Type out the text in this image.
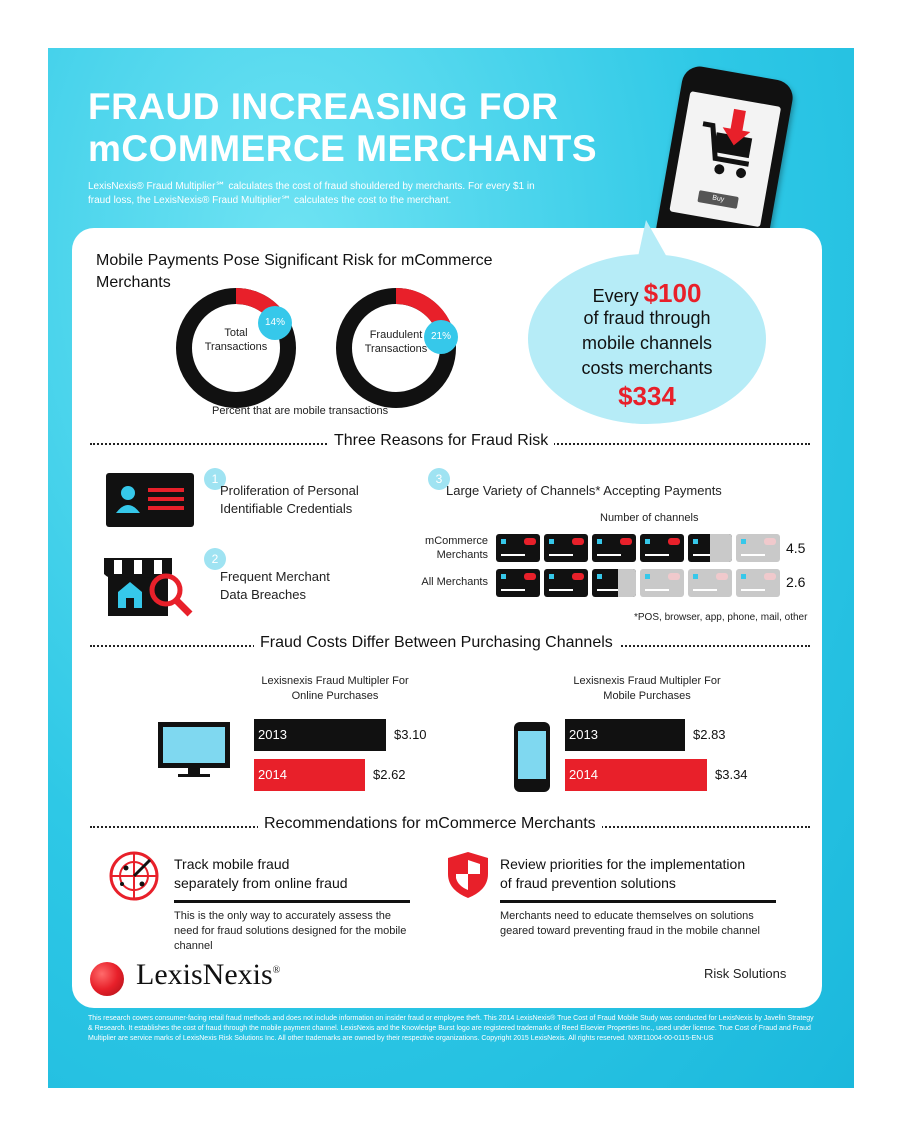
FRAUD INCREASING FOR
mCOMMERCE MERCHANTS
LexisNexis® Fraud Multiplier℠ calculates the cost of fraud shouldered by merchants. For every $1 in fraud loss, the LexisNexis® Fraud Multiplier℠ calculates the cost to the merchant.	Buy
Mobile Payments Pose Significant Risk for mCommerce Merchants
Total
Transactions
14%
Fraudulent
Transactions
21%
Percent that are mobile transactions
Every $100
of fraud through
mobile channels
costs merchants
$334
Three Reasons for Fraud Risk
1
Proliferation of Personal
Identifiable Credentials
2
Frequent Merchant
Data Breaches
3
Large Variety of Channels* Accepting Payments
Number of channels
mCommerce
Merchants	4.5
All Merchants	2.6
*POS, browser, app, phone, mail, other
Fraud Costs Differ Between Purchasing Channels
Lexisnexis Fraud Multipler For
Online Purchases
Lexisnexis Fraud Multipler For
Mobile Purchases
2013	$3.10
2014	$2.62
2013	$2.83
2014	$3.34
Recommendations for mCommerce Merchants
Track mobile fraud
separately from online fraud
This is the only way to accurately assess the need for fraud solutions designed for the mobile channel
Review priorities for the implementation
of fraud prevention solutions
Merchants need to educate themselves on solutions geared toward preventing fraud in the mobile channel
LexisNexis®	Risk Solutions
This research covers consumer-facing retail fraud methods and does not include information on insider fraud or employee theft. This 2014 LexisNexis® True Cost of Fraud Mobile Study was conducted for LexisNexis by Javelin Strategy & Research. It establishes the cost of fraud through the mobile payment channel. LexisNexis and the Knowledge Burst logo are registered trademarks of Reed Elsevier Properties Inc., used under license. True Cost of Fraud and Fraud Multiplier are service marks of LexisNexis Risk Solutions Inc. All other trademarks are owned by their respective organizations. Copyright 2015 LexisNexis. All rights reserved. NXR11004-00-0115-EN-US
